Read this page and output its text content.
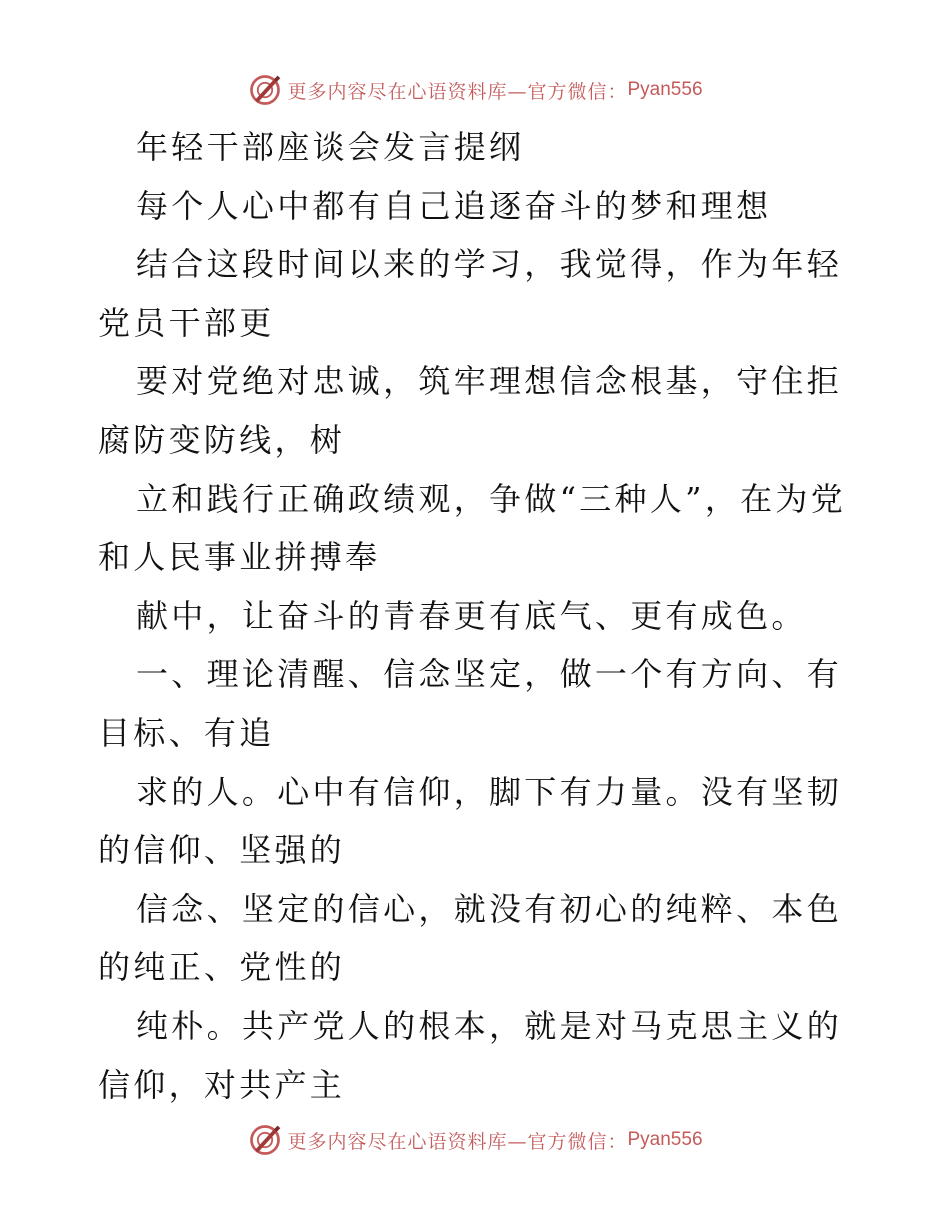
更多内容尽在心语资料库—官方微信： Pyan556

年轻干部座谈会发言提纲

每个人心中都有自己追逐奋斗的梦和理想

结合这段时间以来的学习，我觉得，作为年轻党员干部更

要对党绝对忠诚，筑牢理想信念根基，守住拒腐防变防线，树

立和践行正确政绩观，争做“三种人”，在为党和人民事业拼搏奉

献中，让奋斗的青春更有底气、更有成色。

一、理论清醒、信念坚定，做一个有方向、有目标、有追

求的人。心中有信仰，脚下有力量。没有坚韧的信仰、坚强的

信念、坚定的信心，就没有初心的纯粹、本色的纯正、党性的

纯朴。共产党人的根本，就是对马克思主义的信仰，对共产主

更多内容尽在心语资料库—官方微信： Pyan556
